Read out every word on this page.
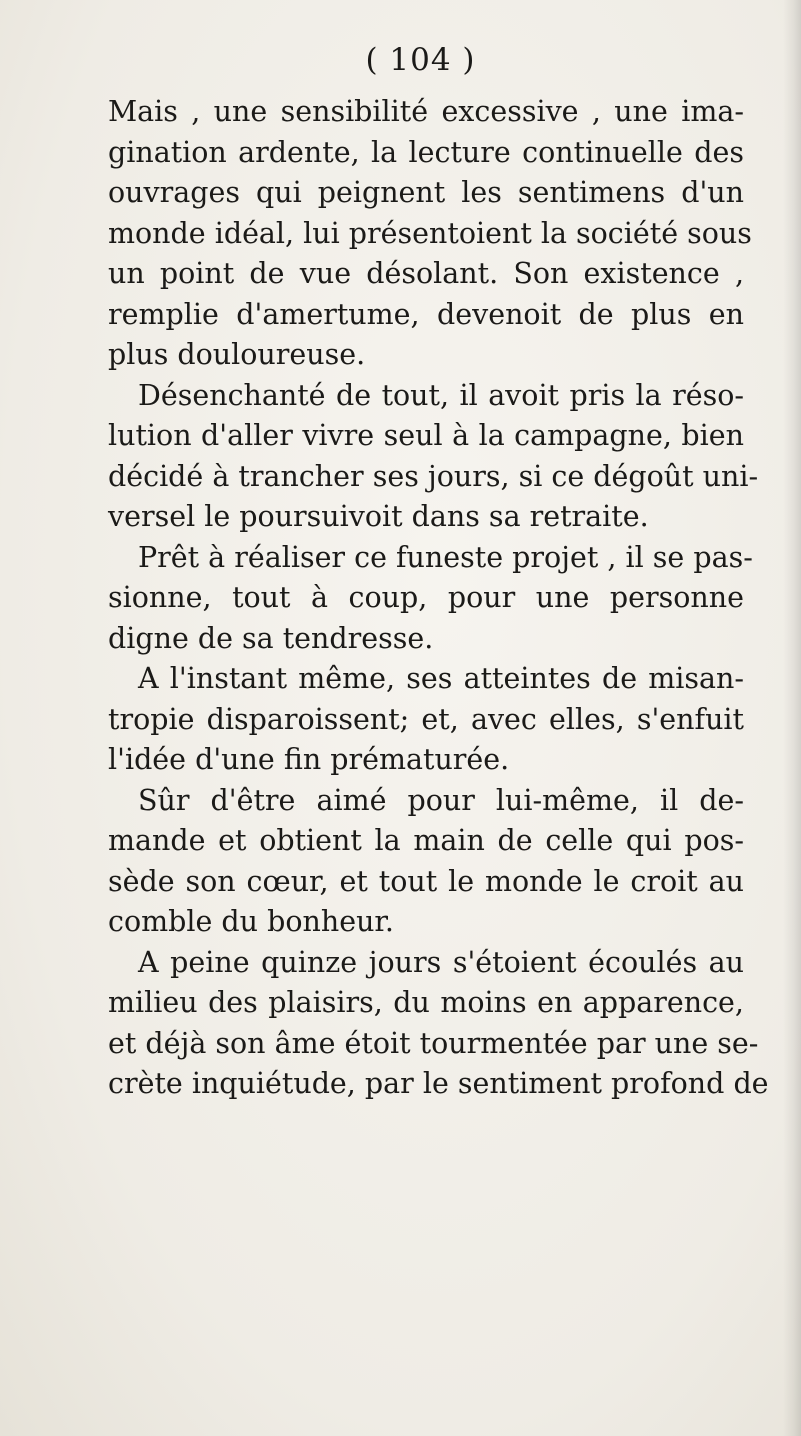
( 104 )
Mais , une sensibilité excessive , une ima-
gination ardente, la lecture continuelle des
ouvrages qui peignent les sentimens d'un
monde idéal, lui présentoient la société sous
un point de vue désolant. Son existence ,
remplie d'amertume, devenoit de plus en
plus douloureuse.
Désenchanté de tout, il avoit pris la réso-
lution d'aller vivre seul à la campagne, bien
décidé à trancher ses jours, si ce dégoût uni-
versel le poursuivoit dans sa retraite.
Prêt à réaliser ce funeste projet , il se pas-
sionne, tout à coup, pour une personne
digne de sa tendresse.
A l'instant même, ses atteintes de misan-
tropie disparoissent; et, avec elles, s'enfuit
l'idée d'une fin prématurée.
Sûr d'être aimé pour lui-même, il de-
mande et obtient la main de celle qui pos-
sède son cœur, et tout le monde le croit au
comble du bonheur.
A peine quinze jours s'étoient écoulés au
milieu des plaisirs, du moins en apparence,
et déjà son âme étoit tourmentée par une se-
crète inquiétude, par le sentiment profond de
